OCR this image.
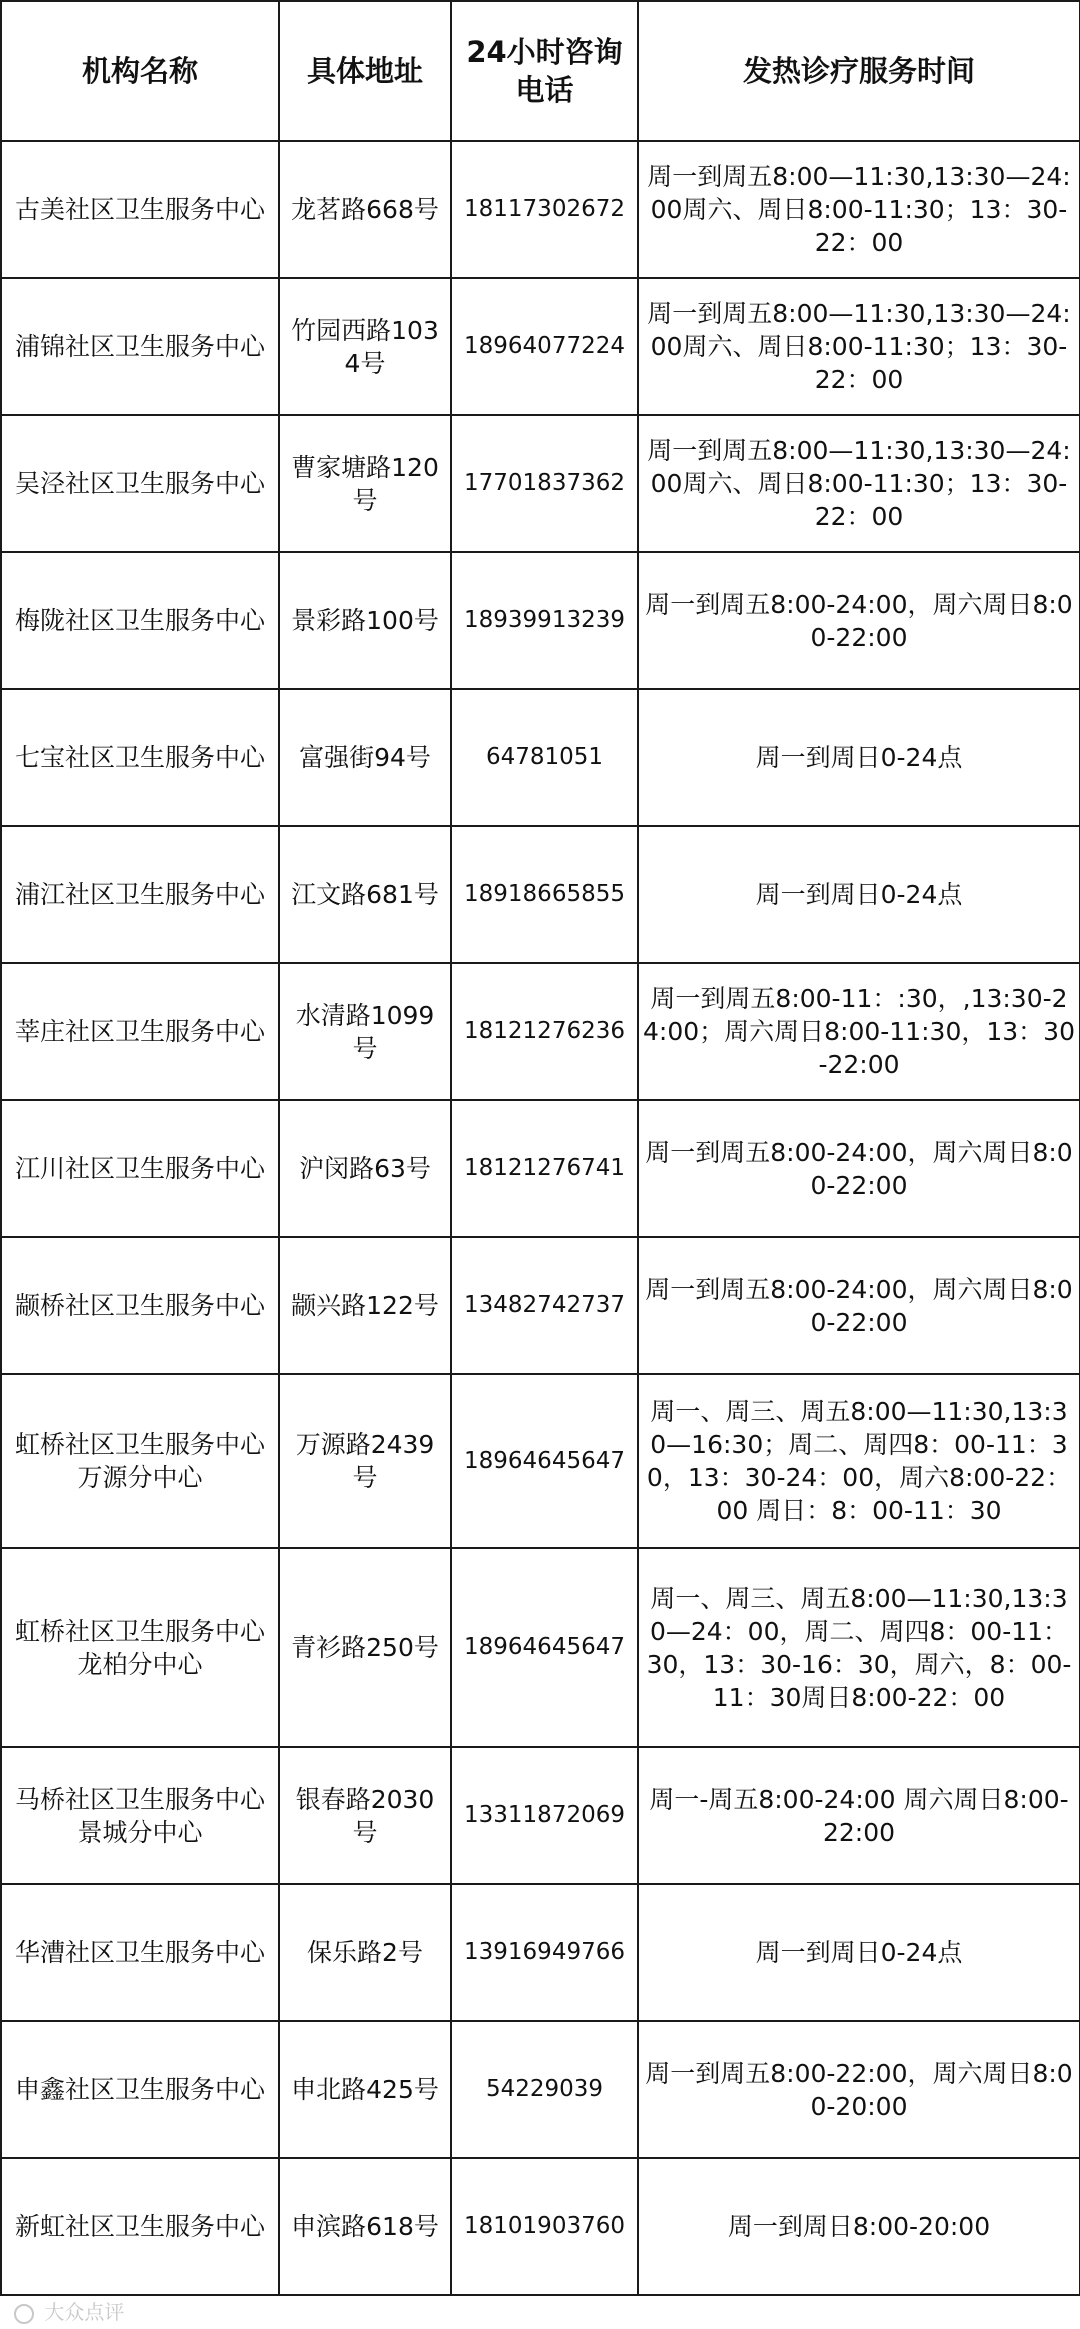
机构名称	具体地址	24小时咨询电话	发热诊疗服务时间
古美社区卫生服务中心	龙茗路668号	18117302672	周一到周五8:00—11:30,13:30—24:00周六、周日8:00-11:30；13：30-22：00
浦锦社区卫生服务中心	竹园西路1034号	18964077224	周一到周五8:00—11:30,13:30—24:00周六、周日8:00-11:30；13：30-22：00
吴泾社区卫生服务中心	曹家塘路120号	17701837362	周一到周五8:00—11:30,13:30—24:00周六、周日8:00-11:30；13：30-22：00
梅陇社区卫生服务中心	景彩路100号	18939913239	周一到周五8:00-24:00，周六周日8:00-22:00
七宝社区卫生服务中心	富强街94号	64781051	周一到周日0-24点
浦江社区卫生服务中心	江文路681号	18918665855	周一到周日0-24点
莘庄社区卫生服务中心	水清路1099号	18121276236	周一到周五8:00-11：:30，,13:30-24:00；周六周日8:00-11:30，13：30-22:00
江川社区卫生服务中心	沪闵路63号	18121276741	周一到周五8:00-24:00，周六周日8:00-22:00
颛桥社区卫生服务中心	颛兴路122号	13482742737	周一到周五8:00-24:00，周六周日8:00-22:00
虹桥社区卫生服务中心万源分中心	万源路2439号	18964645647	周一、周三、周五8:00—11:30,13:30—16:30；周二、周四8：00-11：30，13：30-24：00，周六8:00-22：00 周日：8：00-11：30
虹桥社区卫生服务中心龙柏分中心	青衫路250号	18964645647	周一、周三、周五8:00—11:30,13:30—24：00，周二、周四8：00-11：30，13：30-16：30，周六，8：00-11：30周日8:00-22：00
马桥社区卫生服务中心景城分中心	银春路2030号	13311872069	周一-周五8:00-24:00 周六周日8:00-22:00
华漕社区卫生服务中心	保乐路2号	13916949766	周一到周日0-24点
申鑫社区卫生服务中心	申北路425号	54229039	周一到周五8:00-22:00，周六周日8:00-20:00
新虹社区卫生服务中心	申滨路618号	18101903760	周一到周日8:00-20:00
大众点评
